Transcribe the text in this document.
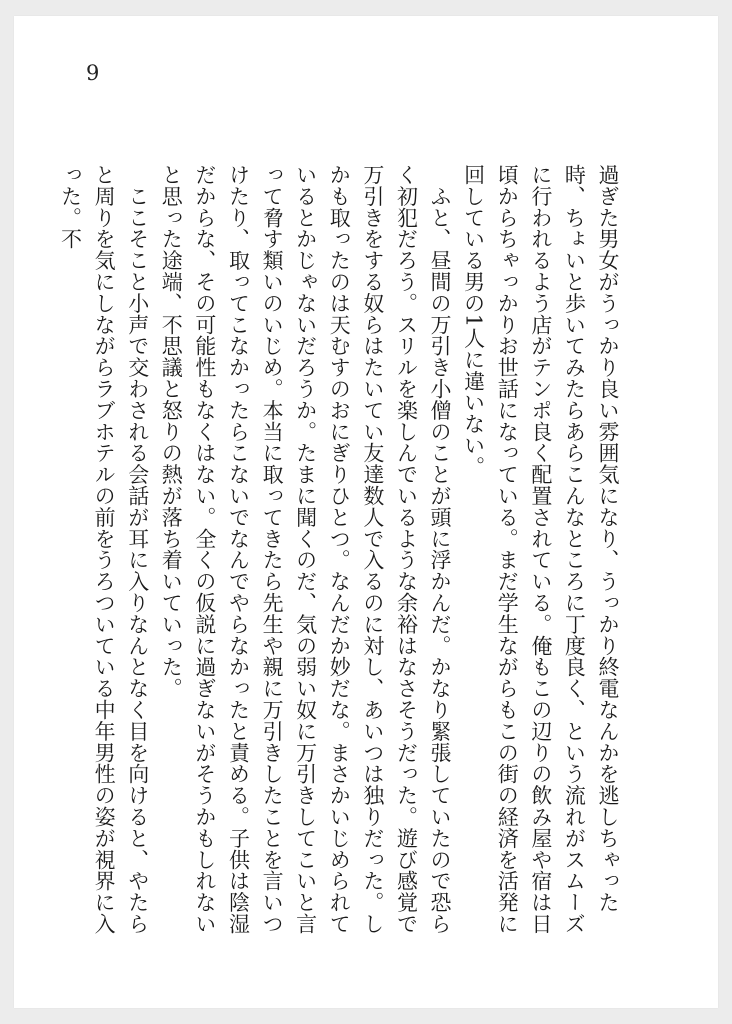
9

過ぎた男女がうっかり良い雰囲気になり、うっかり終電なんかを逃しちゃった時、ちょいと歩いてみたらあらこんなところに丁度良く、という流れがスムーズに行われるよう店がテンポ良く配置されている。俺もこの辺りの飲み屋や宿は日頃からちゃっかりお世話になっている。まだ学生ながらもこの街の経済を活発に回している男の1人に違いない。

　ふと、昼間の万引き小僧のことが頭に浮かんだ。かなり緊張していたので恐らく初犯だろう。スリルを楽しんでいるような余裕はなさそうだった。遊び感覚で万引きをする奴らはたいてい友達数人で入るのに対し、あいつは独りだった。しかも取ったのは天むすのおにぎりひとつ。なんだか妙だな。まさかいじめられているとかじゃないだろうか。たまに聞くのだ、気の弱い奴に万引きしてこいと言って脅す類いのいじめ。本当に取ってきたら先生や親に万引きしたことを言いつけたり、取ってこなかったらこないでなんでやらなかったと責める。子供は陰湿だからな、その可能性もなくはない。全くの仮説に過ぎないがそうかもしれないと思った途端、不思議と怒りの熱が落ち着いていった。

　ここそこと小声で交わされる会話が耳に入りなんとなく目を向けると、やたらと周りを気にしながらラブホテルの前をうろついている中年男性の姿が視界に入った。不
